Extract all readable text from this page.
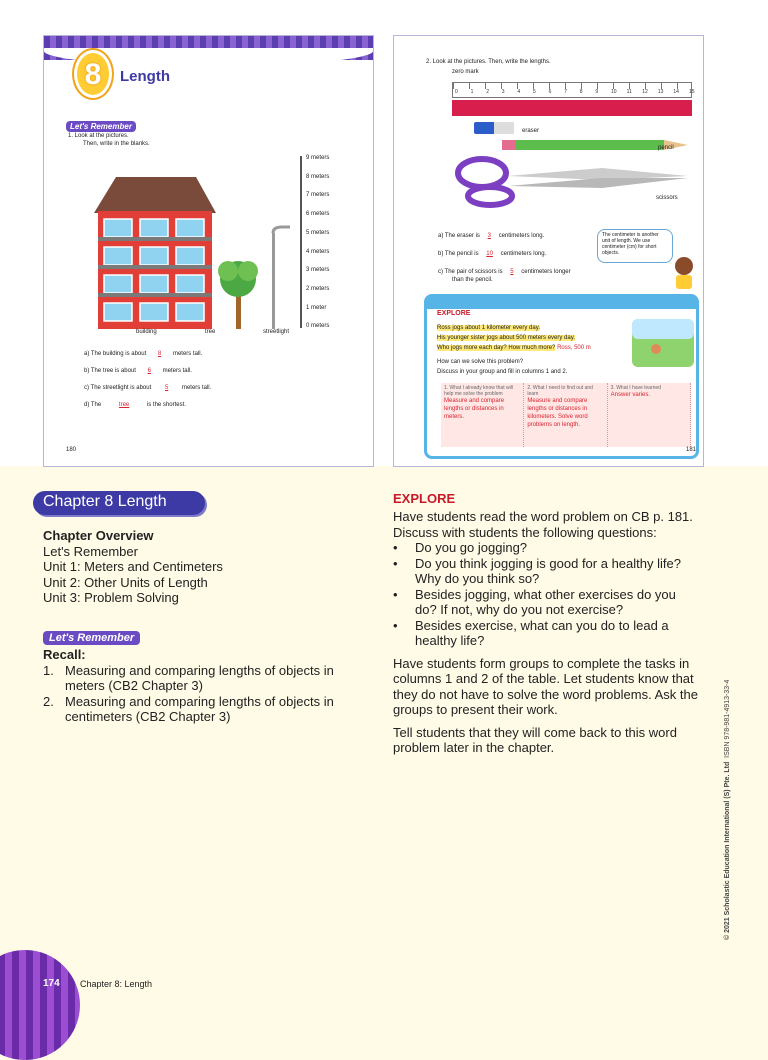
8	Length
Let's Remember
1. Look at the pictures.
Then, write in the blanks.
9 meters
8 meters
7 meters
6 meters
5 meters
4 meters
3 meters
2 meters
1 meter
0 meters
building	tree	streetlight
a) The building is about 8 meters tall.
b) The tree is about 6 meters tall.
c) The streetlight is about 5 meters tall.
d) The	tree	is the shortest.
180
2. Look at the pictures. Then, write the lengths.
zero mark
0	1	2	3	4	5	6	7	8	9	10 11 12 13 14 15
eraser
pencil
scissors
a) The eraser is 3 centimeters long.
b) The pencil is 10 centimeters long.
c) The pair of scissors is 5 centimeters longer
than the pencil.
The centimeter is another unit of length. We use centimeter (cm) for short objects.
EXPLORE
Ross jogs about 1 kilometer every day.
His younger sister jogs about 500 meters every day.
Who jogs more each day? How much more? Ross, 500 m
How can we solve this problem?
Discuss in your group and fill in columns 1 and 2.
1. What I already know that will help me solve the problem
Measure and compare lengths or distances in meters.
2. What I need to find out and learn
Measure and compare lengths or distances in kilometers. Solve word problems on length.
3. What I have learned
Answer varies.
181
Chapter 8 Length
Chapter Overview
Let's Remember
Unit 1: Meters and Centimeters
Unit 2: Other Units of Length
Unit 3: Problem Solving
Let's Remember
Recall:
1. Measuring and comparing lengths of objects in meters (CB2 Chapter 3)
2. Measuring and comparing lengths of objects in centimeters (CB2 Chapter 3)
EXPLORE
Have students read the word problem on CB p. 181. Discuss with students the following questions:
• Do you go jogging?
• Do you think jogging is good for a healthy life? Why do you think so?
• Besides jogging, what other exercises do you do? If not, why do you not exercise?
• Besides exercise, what can you do to lead a healthy life?
Have students form groups to complete the tasks in columns 1 and 2 of the table. Let students know that they do not have to solve the word problems. Ask the groups to present their work.
Tell students that they will come back to this word problem later in the chapter.
174 Chapter 8: Length
© 2021 Scholastic Education International (S) Pte. Ltd  ISBN 978-981-4913-33-4
